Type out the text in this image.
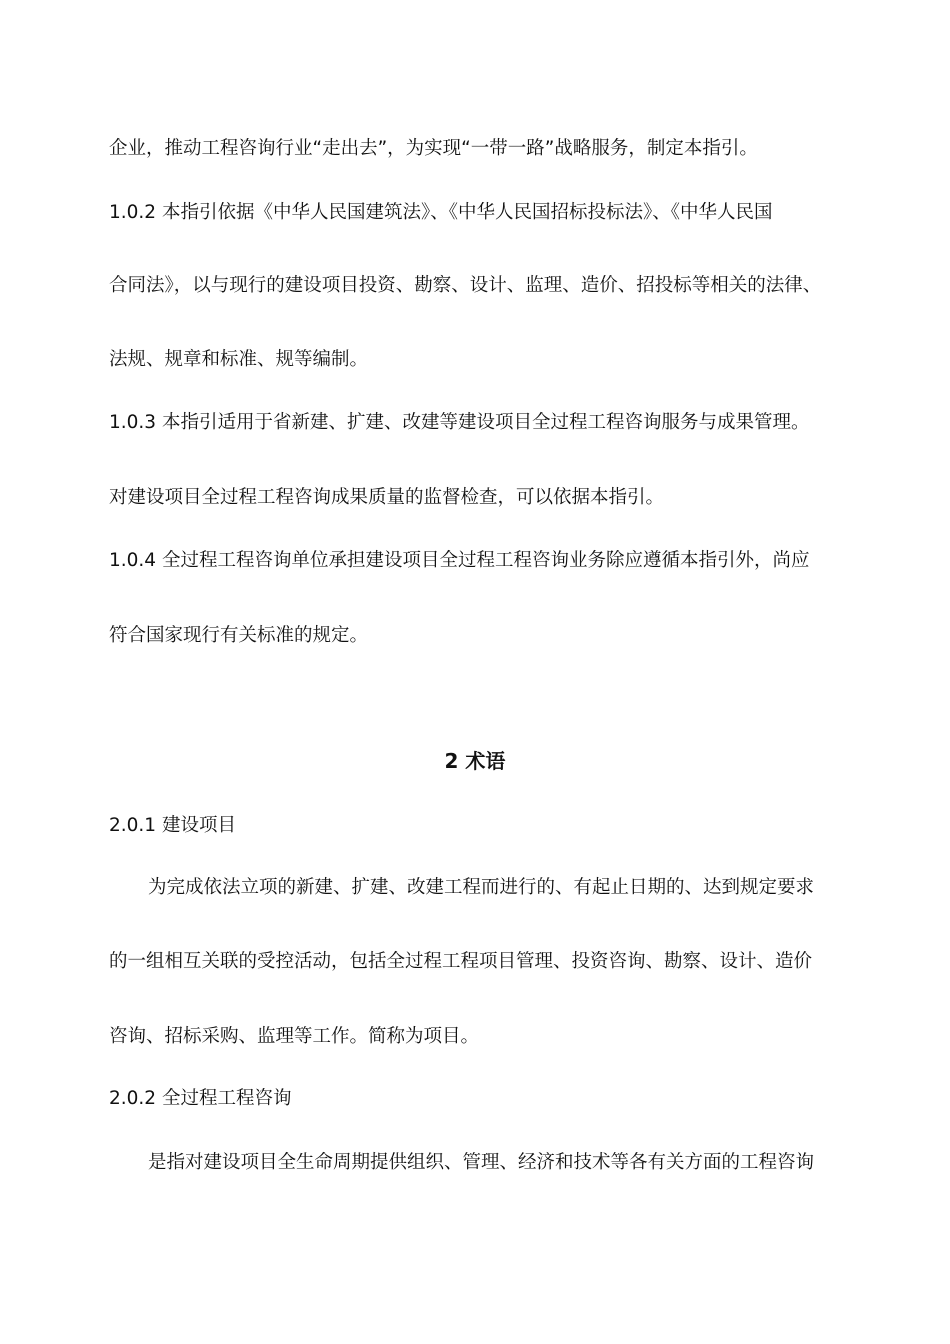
企业，推动工程咨询行业“走出去”，为实现“一带一路”战略服务，制定本指引。

1.0.2 本指引依据《中华人民国建筑法》、《中华人民国招标投标法》、《中华人民国

合同法》，以与现行的建设项目投资、勘察、设计、监理、造价、招投标等相关的法律、

法规、规章和标准、规等编制。

1.0.3 本指引适用于省新建、扩建、改建等建设项目全过程工程咨询服务与成果管理。

对建设项目全过程工程咨询成果质量的监督检查，可以依据本指引。

1.0.4 全过程工程咨询单位承担建设项目全过程工程咨询业务除应遵循本指引外，尚应

符合国家现行有关标准的规定。

2 术语

2.0.1 建设项目

为完成依法立项的新建、扩建、改建工程而进行的、有起止日期的、达到规定要求

的一组相互关联的受控活动，包括全过程工程项目管理、投资咨询、勘察、设计、造价

咨询、招标采购、监理等工作。简称为项目。

2.0.2 全过程工程咨询

是指对建设项目全生命周期提供组织、管理、经济和技术等各有关方面的工程咨询
